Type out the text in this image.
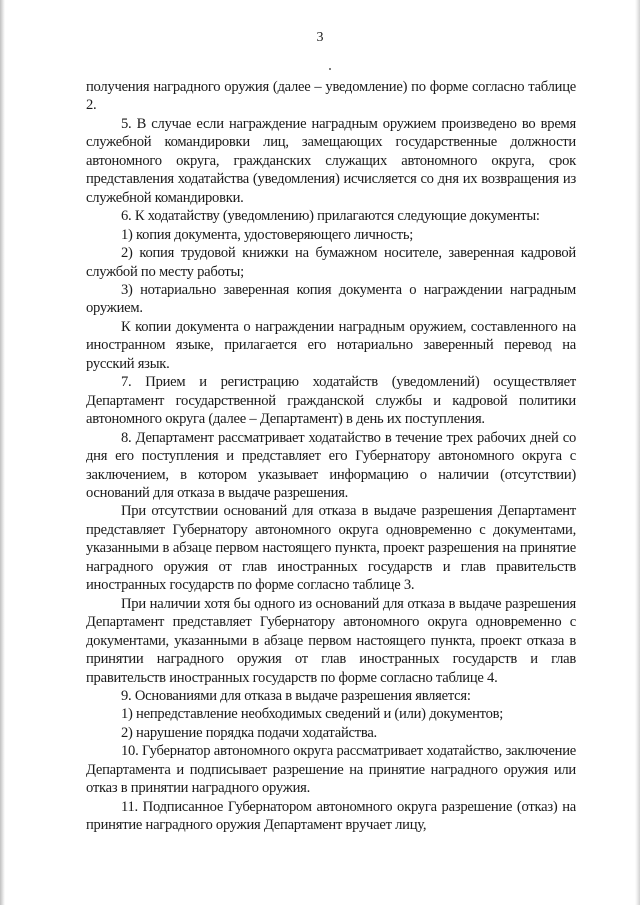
3

получения наградного оружия (далее – уведомление) по форме согласно таблице 2.

5. В случае если награждение наградным оружием произведено во время служебной командировки лиц, замещающих государственные должности автономного округа, гражданских служащих автономного округа, срок представления ходатайства (уведомления) исчисляется со дня их возвращения из служебной командировки.

6. К ходатайству (уведомлению) прилагаются следующие документы:

1) копия документа, удостоверяющего личность;

2) копия трудовой книжки на бумажном носителе, заверенная кадровой службой по месту работы;

3) нотариально заверенная копия документа о награждении наградным оружием.

К копии документа о награждении наградным оружием, составленного на иностранном языке, прилагается его нотариально заверенный перевод на русский язык.

7. Прием и регистрацию ходатайств (уведомлений) осуществляет Департамент государственной гражданской службы и кадровой политики автономного округа (далее – Департамент) в день их поступления.

8. Департамент рассматривает ходатайство в течение трех рабочих дней со дня его поступления и представляет его Губернатору автономного округа с заключением, в котором указывает информацию о наличии (отсутствии) оснований для отказа в выдаче разрешения.

При отсутствии оснований для отказа в выдаче разрешения Департамент представляет Губернатору автономного округа одновременно с документами, указанными в абзаце первом настоящего пункта, проект разрешения на принятие наградного оружия от глав иностранных государств и глав правительств иностранных государств по форме согласно таблице 3.

При наличии хотя бы одного из оснований для отказа в выдаче разрешения Департамент представляет Губернатору автономного округа одновременно с документами, указанными в абзаце первом настоящего пункта, проект отказа в принятии наградного оружия от глав иностранных государств и глав правительств иностранных государств по форме согласно таблице 4.

9. Основаниями для отказа в выдаче разрешения является:

1) непредставление необходимых сведений и (или) документов;

2) нарушение порядка подачи ходатайства.

10. Губернатор автономного округа рассматривает ходатайство, заключение Департамента и подписывает разрешение на принятие наградного оружия или отказ в принятии наградного оружия.

11. Подписанное Губернатором автономного округа разрешение (отказ) на принятие наградного оружия Департамент вручает лицу,
